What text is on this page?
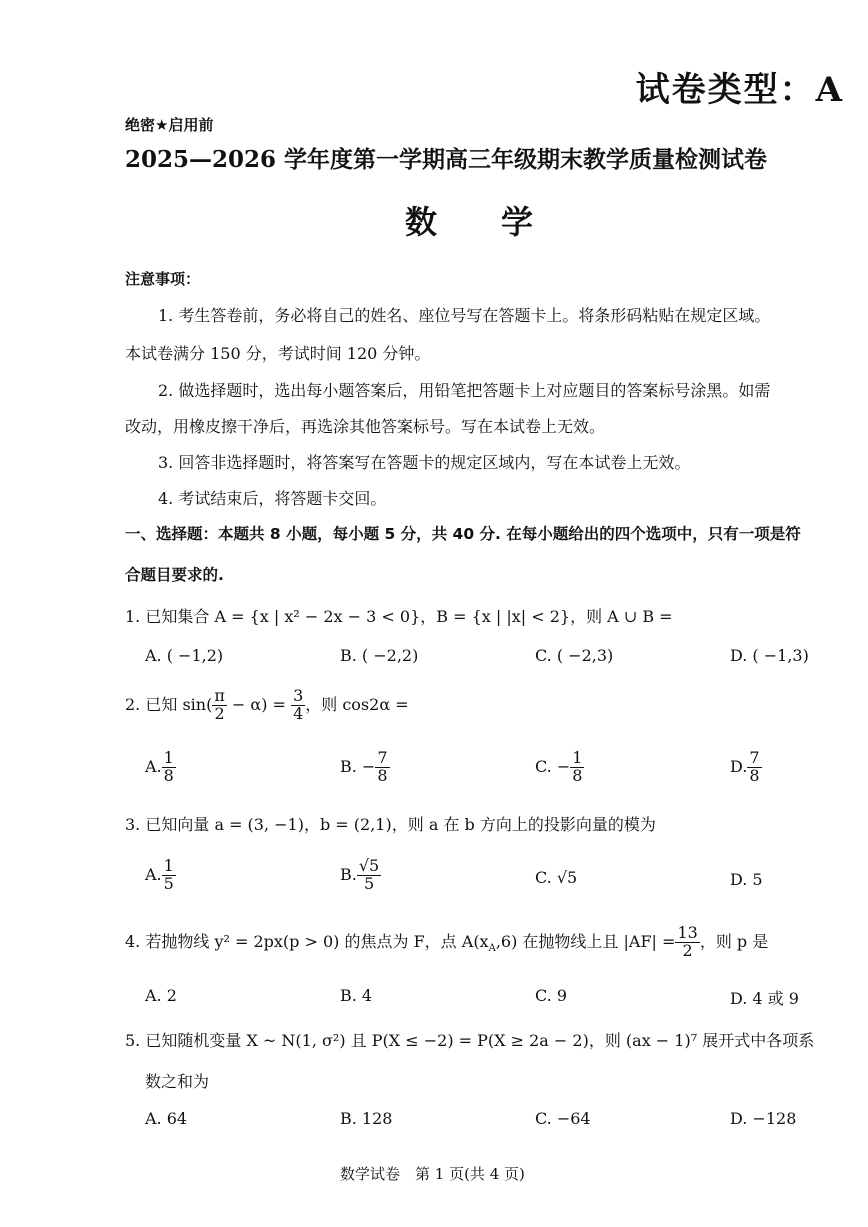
试卷类型：A
绝密★启用前
2025—2026 学年度第一学期高三年级期末教学质量检测试卷
数　　学
注意事项：
1. 考生答卷前，务必将自己的姓名、座位号写在答题卡上。将条形码粘贴在规定区域。
本试卷满分 150 分，考试时间 120 分钟。
2. 做选择题时，选出每小题答案后，用铅笔把答题卡上对应题目的答案标号涂黑。如需
改动，用橡皮擦干净后，再选涂其他答案标号。写在本试卷上无效。
3. 回答非选择题时，将答案写在答题卡的规定区域内，写在本试卷上无效。
4. 考试结束后，将答题卡交回。
一、选择题：本题共 8 小题，每小题 5 分，共 40 分. 在每小题给出的四个选项中，只有一项是符
合题目要求的.
1. 已知集合 A = {x | x² − 2x − 3 < 0}，B = {x | |x| < 2}，则 A ∪ B =
A. ( −1,2)	B. ( −2,2)	C. ( −2,3)	D. ( −1,3)
2. 已知 $\sin( \frac{\pi}{2} - \alpha) = \frac{3}{4}$ ，则 cos2α =
A. $\frac{1}{8}$	B. − $\frac{7}{8}$	C. − $\frac{1}{8}$	D. $\frac{7}{8}$
3. 已知向量 a = (3, −1)，b = (2,1)，则 a 在 b 方向上的投影向量的模为
A. $\frac{1}{5}$	B. $\frac{√5}{5}$	C. √5	D. 5
4. 若抛物线 y² = 2px(p > 0) 的焦点为 F，点 $A(x_A,6)$ 在抛物线上且 $|AF| = \frac{13}{2}$ ，则 p 是
A. 2	B. 4	C. 9	D. 4 或 9
5. 已知随机变量 X ~ N(1, σ²) 且 P(X ≤ −2) = P(X ≥ 2a − 2)，则 (ax − 1)⁷ 展开式中各项系
数之和为
A. 64	B. 128	C. −64	D. −128
数学试卷　第 1 页(共 4 页)
